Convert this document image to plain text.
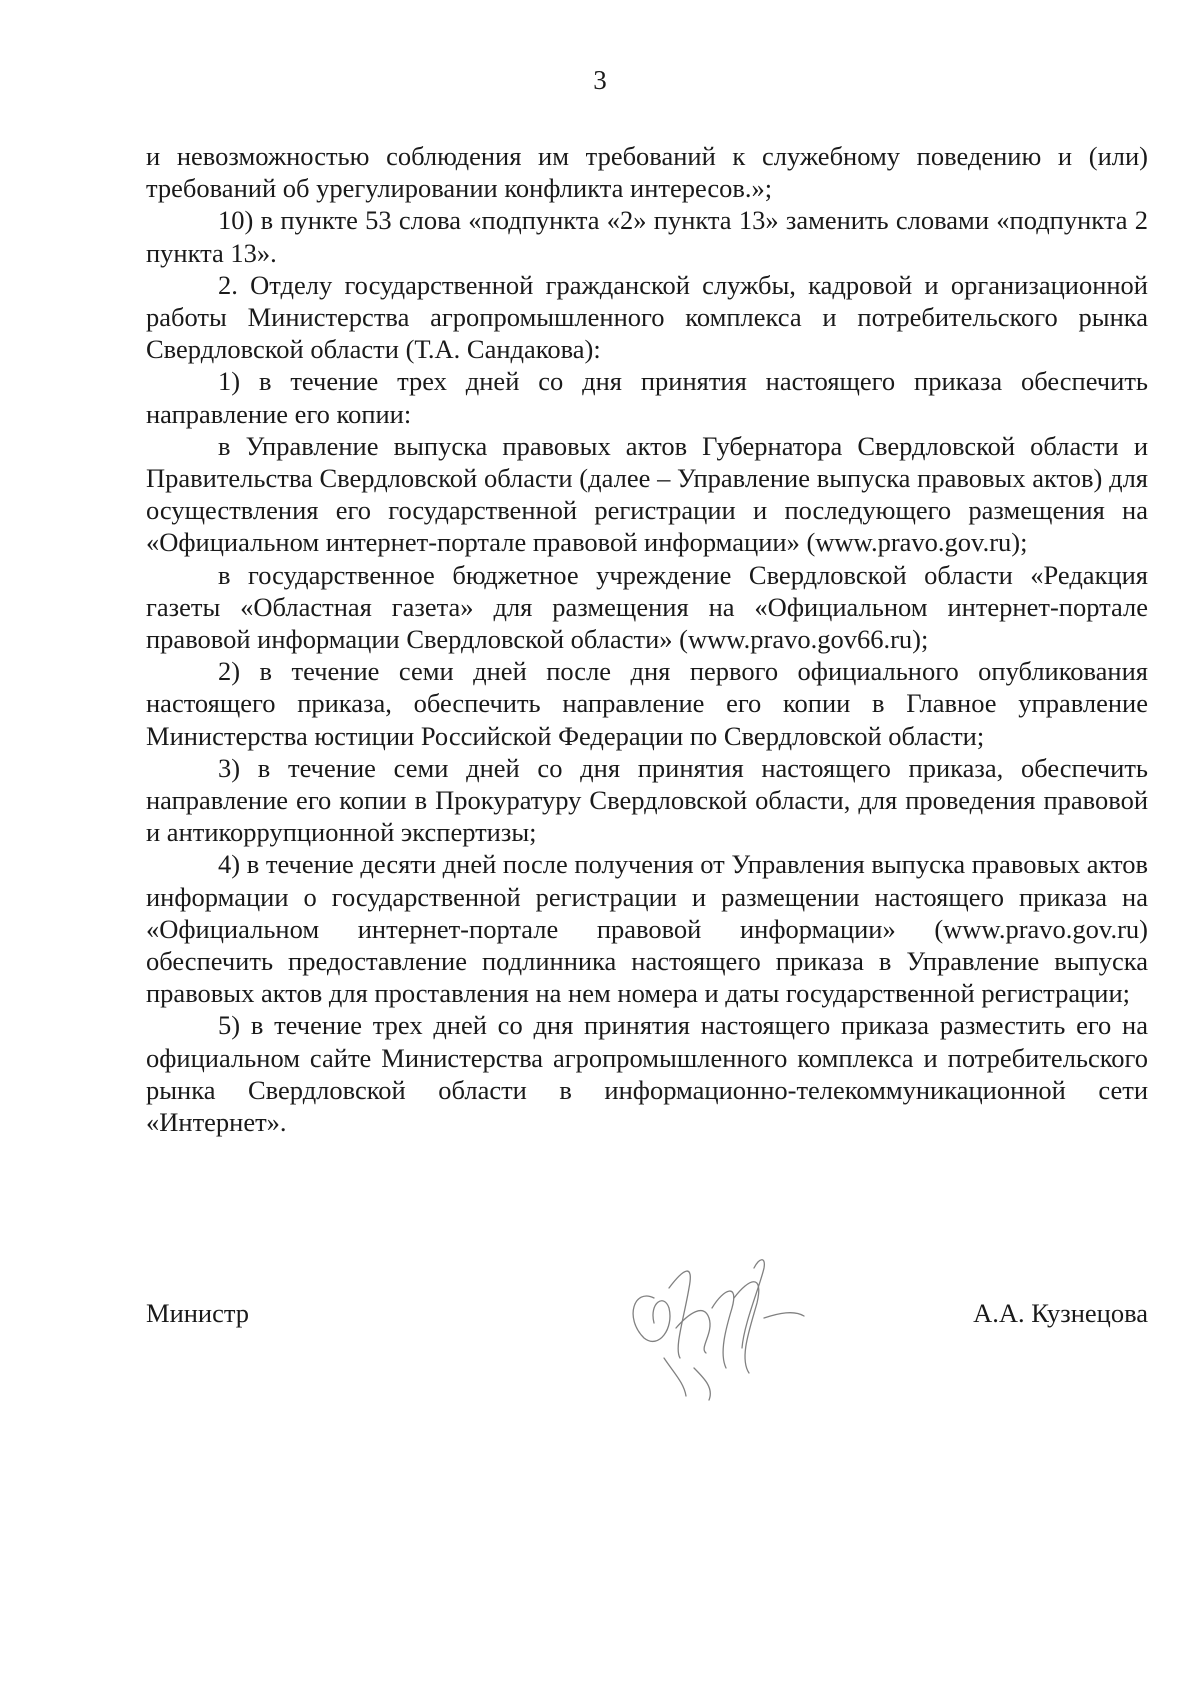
3

и невозможностью соблюдения им требований к служебному поведению и (или) требований об урегулировании конфликта интересов.»;

10) в пункте 53 слова «подпункта «2» пункта 13» заменить словами «подпункта 2 пункта 13».

2. Отделу государственной гражданской службы, кадровой и организационной работы Министерства агропромышленного комплекса и потребительского рынка Свердловской области (Т.А. Сандакова):

1) в течение трех дней со дня принятия настоящего приказа обеспечить направление его копии:

в Управление выпуска правовых актов Губернатора Свердловской области и Правительства Свердловской области (далее – Управление выпуска правовых актов) для осуществления его государственной регистрации и последующего размещения на «Официальном интернет-портале правовой информации» (www.pravo.gov.ru);

в государственное бюджетное учреждение Свердловской области «Редакция газеты «Областная газета» для размещения на «Официальном интернет-портале правовой информации Свердловской области» (www.pravo.gov66.ru);

2) в течение семи дней после дня первого официального опубликования настоящего приказа, обеспечить направление его копии в Главное управление Министерства юстиции Российской Федерации по Свердловской области;

3) в течение семи дней со дня принятия настоящего приказа, обеспечить направление его копии в Прокуратуру Свердловской области, для проведения правовой и антикоррупционной экспертизы;

4) в течение десяти дней после получения от Управления выпуска правовых актов информации о государственной регистрации и размещении настоящего приказа на «Официальном интернет-портале правовой информации» (www.pravo.gov.ru) обеспечить предоставление подлинника настоящего приказа в Управление выпуска правовых актов для проставления на нем номера и даты государственной регистрации;

5) в течение трех дней со дня принятия настоящего приказа разместить его на официальном сайте Министерства агропромышленного комплекса и потребительского рынка Свердловской области в информационно-телекоммуникационной сети «Интернет».

Министр	А.А. Кузнецова
